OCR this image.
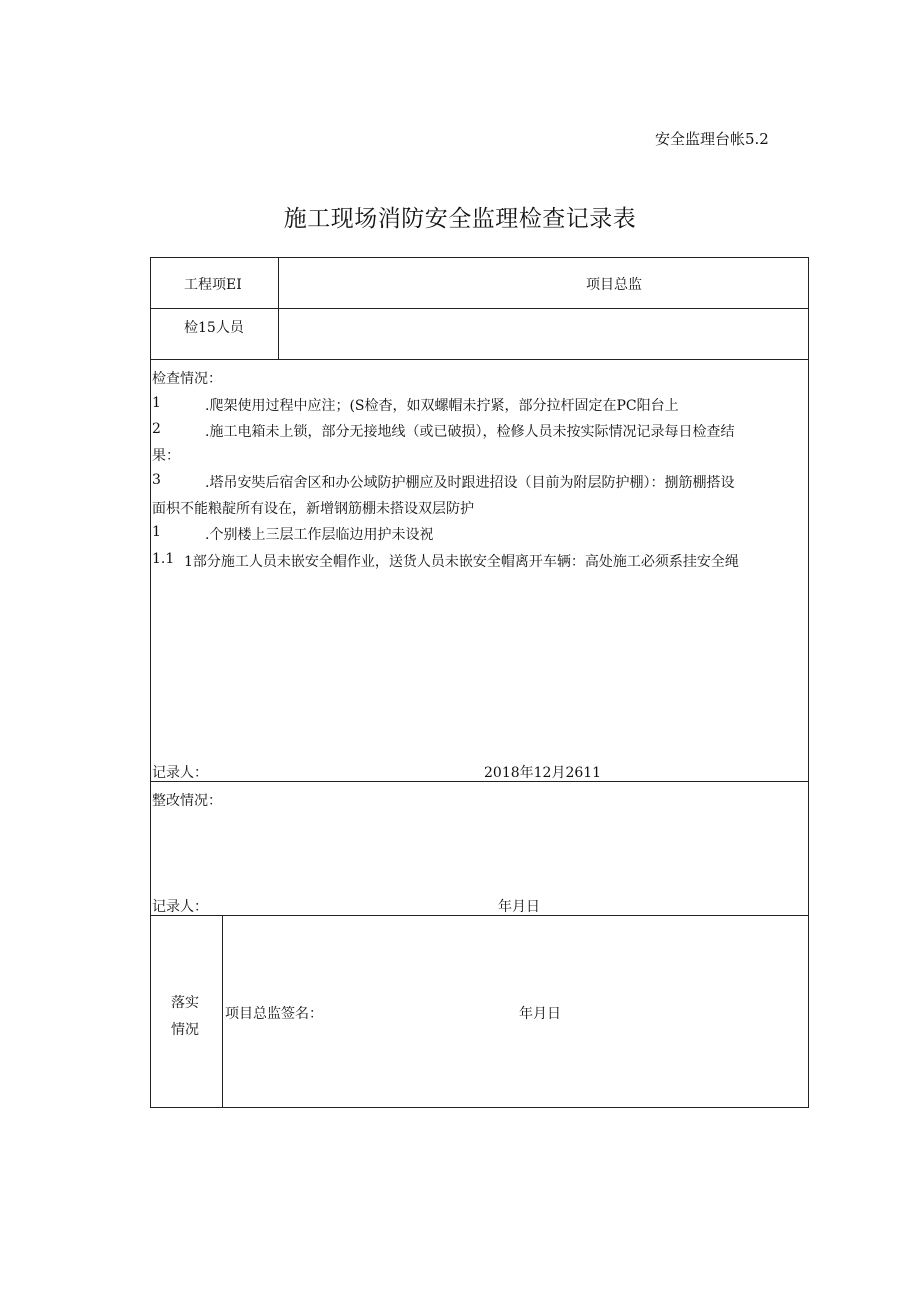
安全监理台帐5.2
施工现场消防安全监理检查记录表
工程项EI	项目总监
检15人员
检查情况：
1	.爬架使用过程中应注；(S检杳，如双螺帽未拧紧，部分拉杆固定在PC阳台上
2	.施工电箱未上锁，部分无接地线（或已破损），检修人员未按实际情况记录每日检查结
果：
3	.塔吊安奘后宿舍区和办公域防护棚应及时跟进招设（目前为附层防护棚）：捌筋棚搭设
面枳不能粮靛所有设在，新增钢筋棚未搭设双层防护
1	.个别楼上三层工作层临边用护未设祝
1.1 1部分施工人员未嵌安全帽作业，送货人员未嵌安全帽离开车辆：高处施工必须系挂安全绳
记录人：	2018年12月2611
整改情况：
记录人：	年月日
落实
情况
项目总监签名：	年月日
